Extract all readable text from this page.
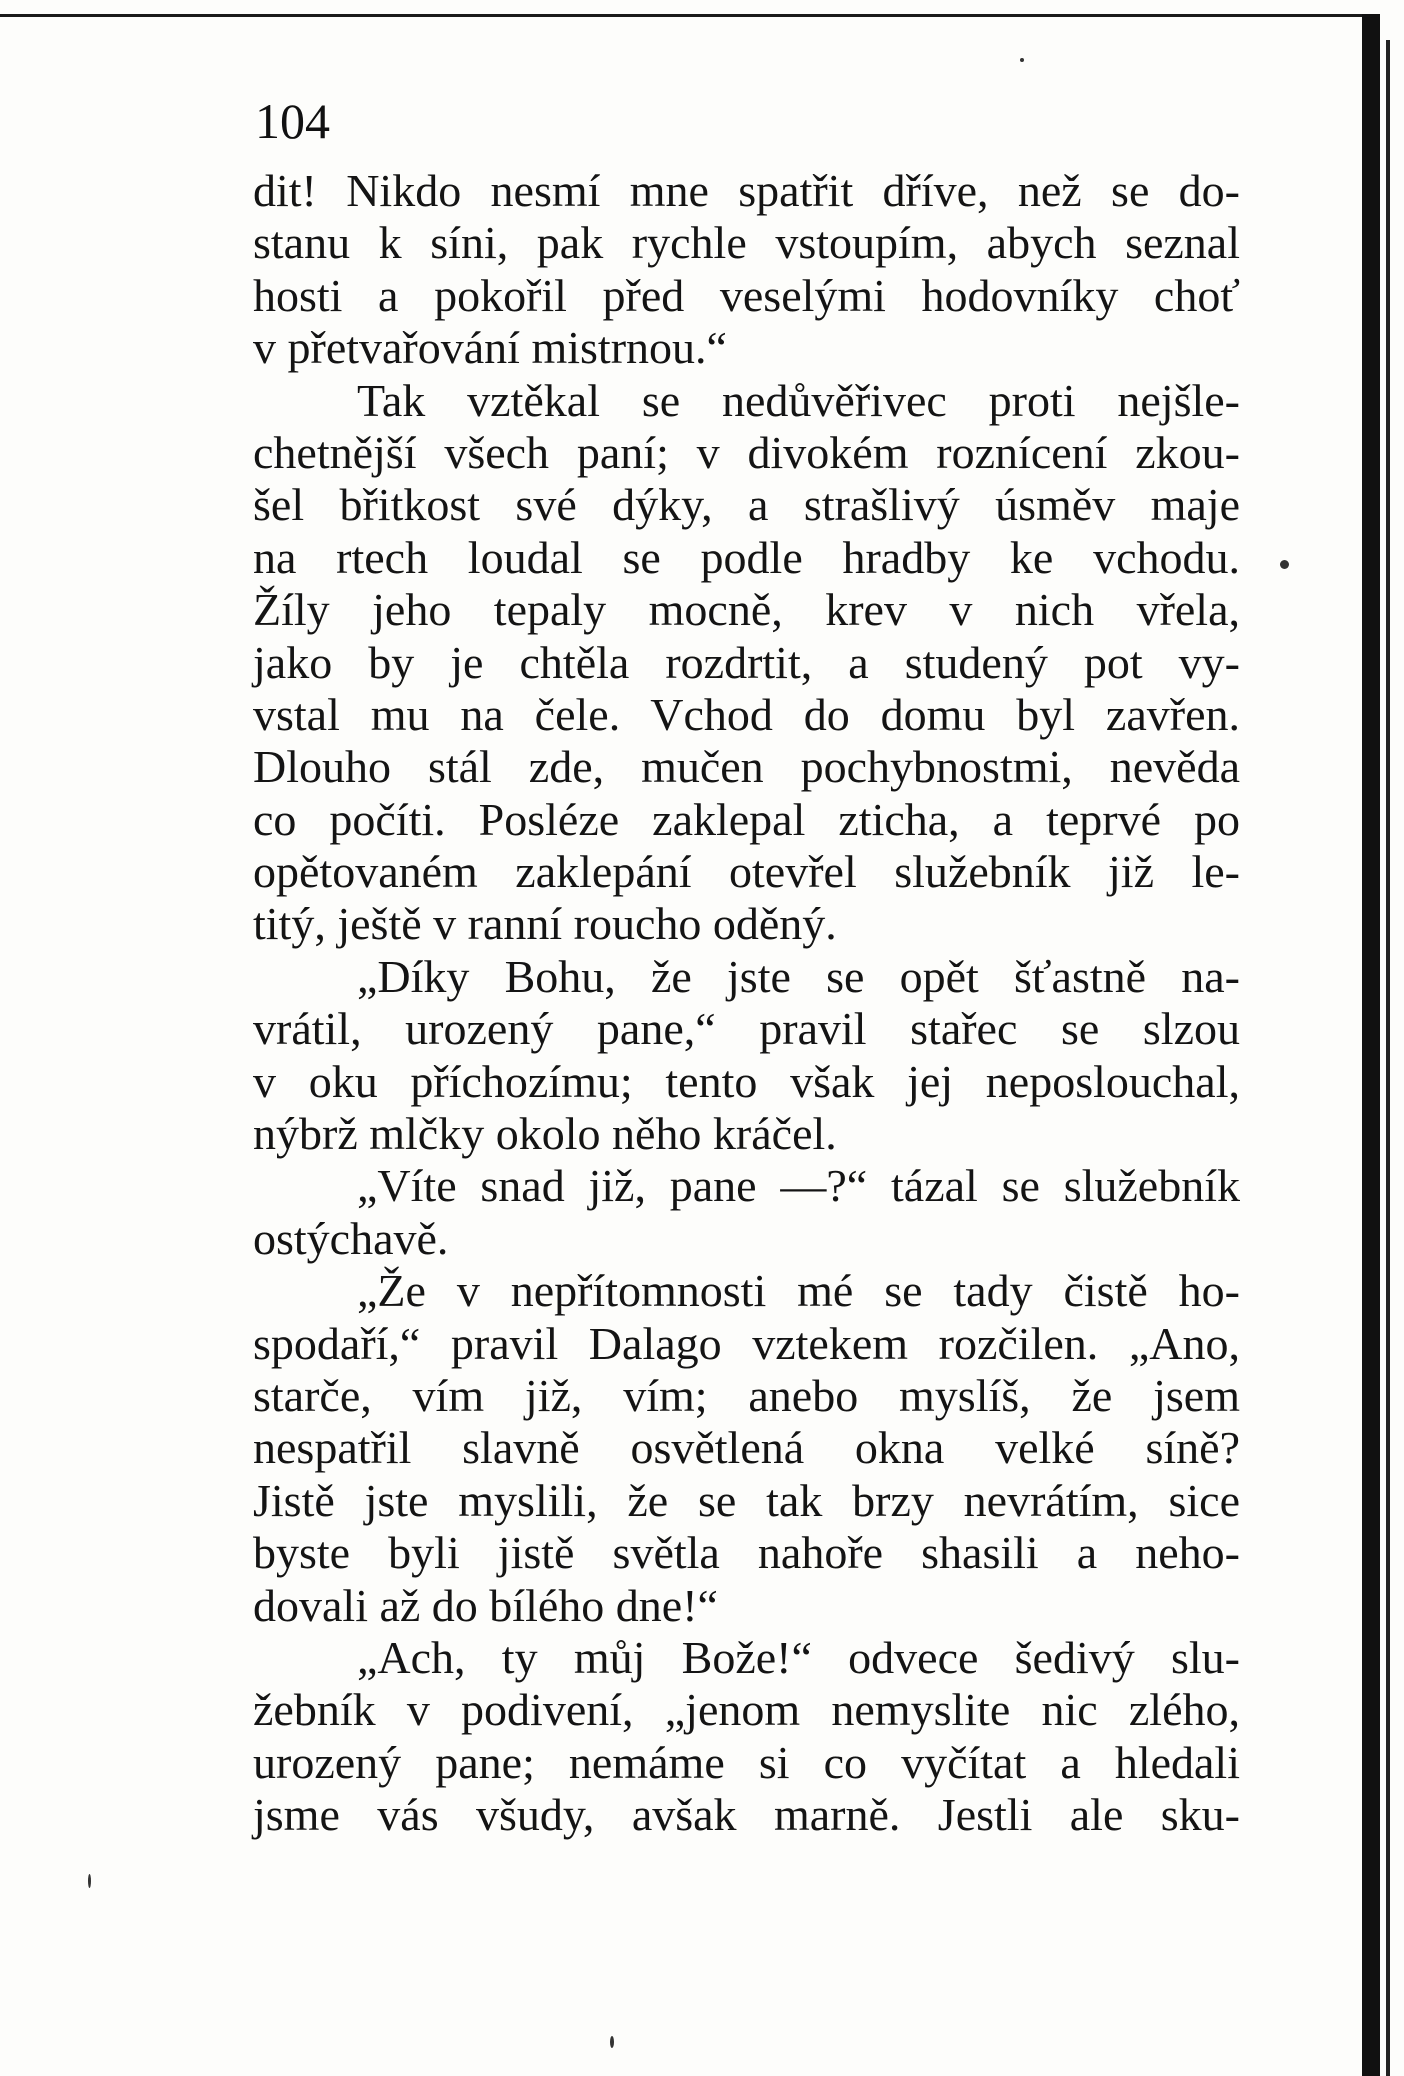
104
dit! Nikdo nesmí mne spatřit dříve, než se do-
stanu k síni, pak rychle vstoupím, abych seznal
hosti a pokořil před veselými hodovníky choť
v přetvařování mistrnou.“
Tak vztěkal se nedůvěřivec proti nejšle-
chetnější všech paní; v divokém roznícení zkou-
šel břitkost své dýky, a strašlivý úsměv maje
na rtech loudal se podle hradby ke vchodu.
Žíly jeho tepaly mocně, krev v nich vřela,
jako by je chtěla rozdrtit, a studený pot vy-
vstal mu na čele. Vchod do domu byl zavřen.
Dlouho stál zde, mučen pochybnostmi, nevěda
co počíti. Posléze zaklepal zticha, a teprvé po
opětovaném zaklepání otevřel služebník již le-
titý, ještě v ranní roucho oděný.
„Díky Bohu, že jste se opět šťastně na-
vrátil, urozený pane,“ pravil stařec se slzou
v oku příchozímu; tento však jej neposlouchal,
nýbrž mlčky okolo něho kráčel.
„Víte snad již, pane —?“ tázal se služebník
ostýchavě.
„Že v nepřítomnosti mé se tady čistě ho-
spodaří,“ pravil Dalago vztekem rozčilen. „Ano,
starče, vím již, vím; anebo myslíš, že jsem
nespatřil slavně osvětlená okna velké síně?
Jistě jste myslili, že se tak brzy nevrátím, sice
byste byli jistě světla nahoře shasili a neho-
dovali až do bílého dne!“
„Ach, ty můj Bože!“ odvece šedivý slu-
žebník v podivení, „jenom nemyslite nic zlého,
urozený pane; nemáme si co vyčítat a hledali
jsme vás všudy, avšak marně. Jestli ale sku-
